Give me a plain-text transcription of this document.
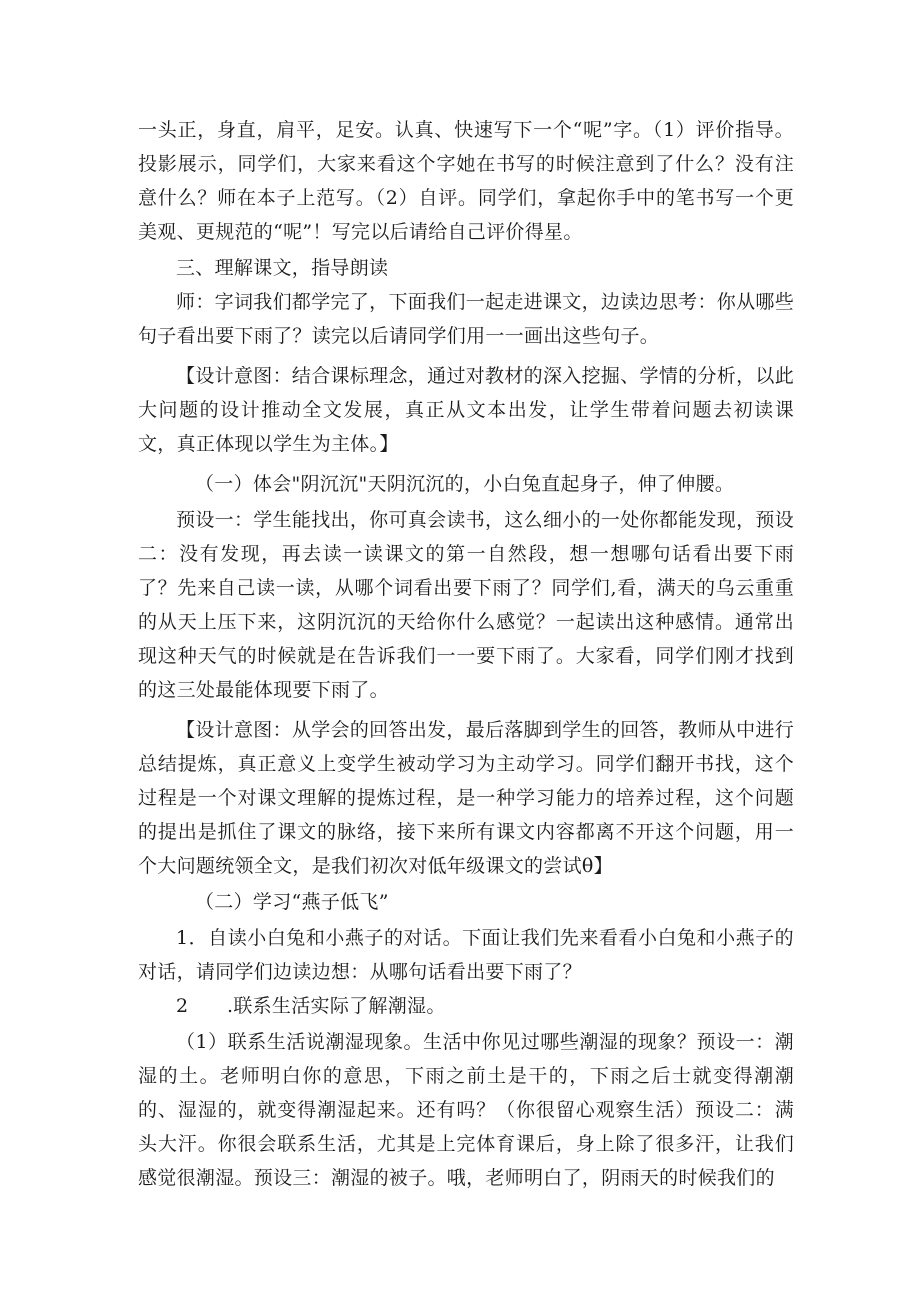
一头正，身直，肩平，足安。认真、快速写下一个“呢”字。（1）评价指导。投影展示，同学们，大家来看这个字她在书写的时候注意到了什么？没有注意什么？师在本子上范写。（2）自评。同学们，拿起你手中的笔书写一个更美观、更规范的“呢”！写完以后请给自己评价得星。

三、理解课文，指导朗读

师：字词我们都学完了，下面我们一起走进课文，边读边思考：你从哪些句子看出要下雨了？读完以后请同学们用一一画出这些句子。

【设计意图：结合课标理念，通过对教材的深入挖掘、学情的分析，以此大问题的设计推动全文发展，真正从文本出发，让学生带着问题去初读课文，真正体现以学生为主体。】

（一）体会"阴沉沉"天阴沉沉的，小白兔直起身子，伸了伸腰。

预设一：学生能找出，你可真会读书，这么细小的一处你都能发现，预设二：没有发现，再去读一读课文的第一自然段，想一想哪句话看出要下雨了？先来自己读一读，从哪个词看出要下雨了？同学们,看，满天的乌云重重的从天上压下来，这阴沉沉的天给你什么感觉？一起读出这种感情。通常出现这种天气的时候就是在告诉我们一一要下雨了。大家看，同学们刚才找到的这三处最能体现要下雨了。

【设计意图：从学会的回答出发，最后落脚到学生的回答，教师从中进行总结提炼，真正意义上变学生被动学习为主动学习。同学们翻开书找，这个过程是一个对课文理解的提炼过程，是一种学习能力的培养过程，这个问题的提出是抓住了课文的脉络，接下来所有课文内容都离不开这个问题，用一个大问题统领全文，是我们初次对低年级课文的尝试θ】

（二）学习“燕子低飞”

1．自读小白兔和小燕子的对话。下面让我们先来看看小白兔和小燕子的对话，请同学们边读边想：从哪句话看出要下雨了？

2　　.联系生活实际了解潮湿。

（1）联系生活说潮湿现象。生活中你见过哪些潮湿的现象？预设一：潮湿的土。老师明白你的意思，下雨之前土是干的，下雨之后士就变得潮潮的、湿湿的，就变得潮湿起来。还有吗？（你很留心观察生活）预设二：满头大汗。你很会联系生活，尤其是上完体育课后，身上除了很多汗，让我们感觉很潮湿。预设三：潮湿的被子。哦，老师明白了，阴雨天的时候我们的
